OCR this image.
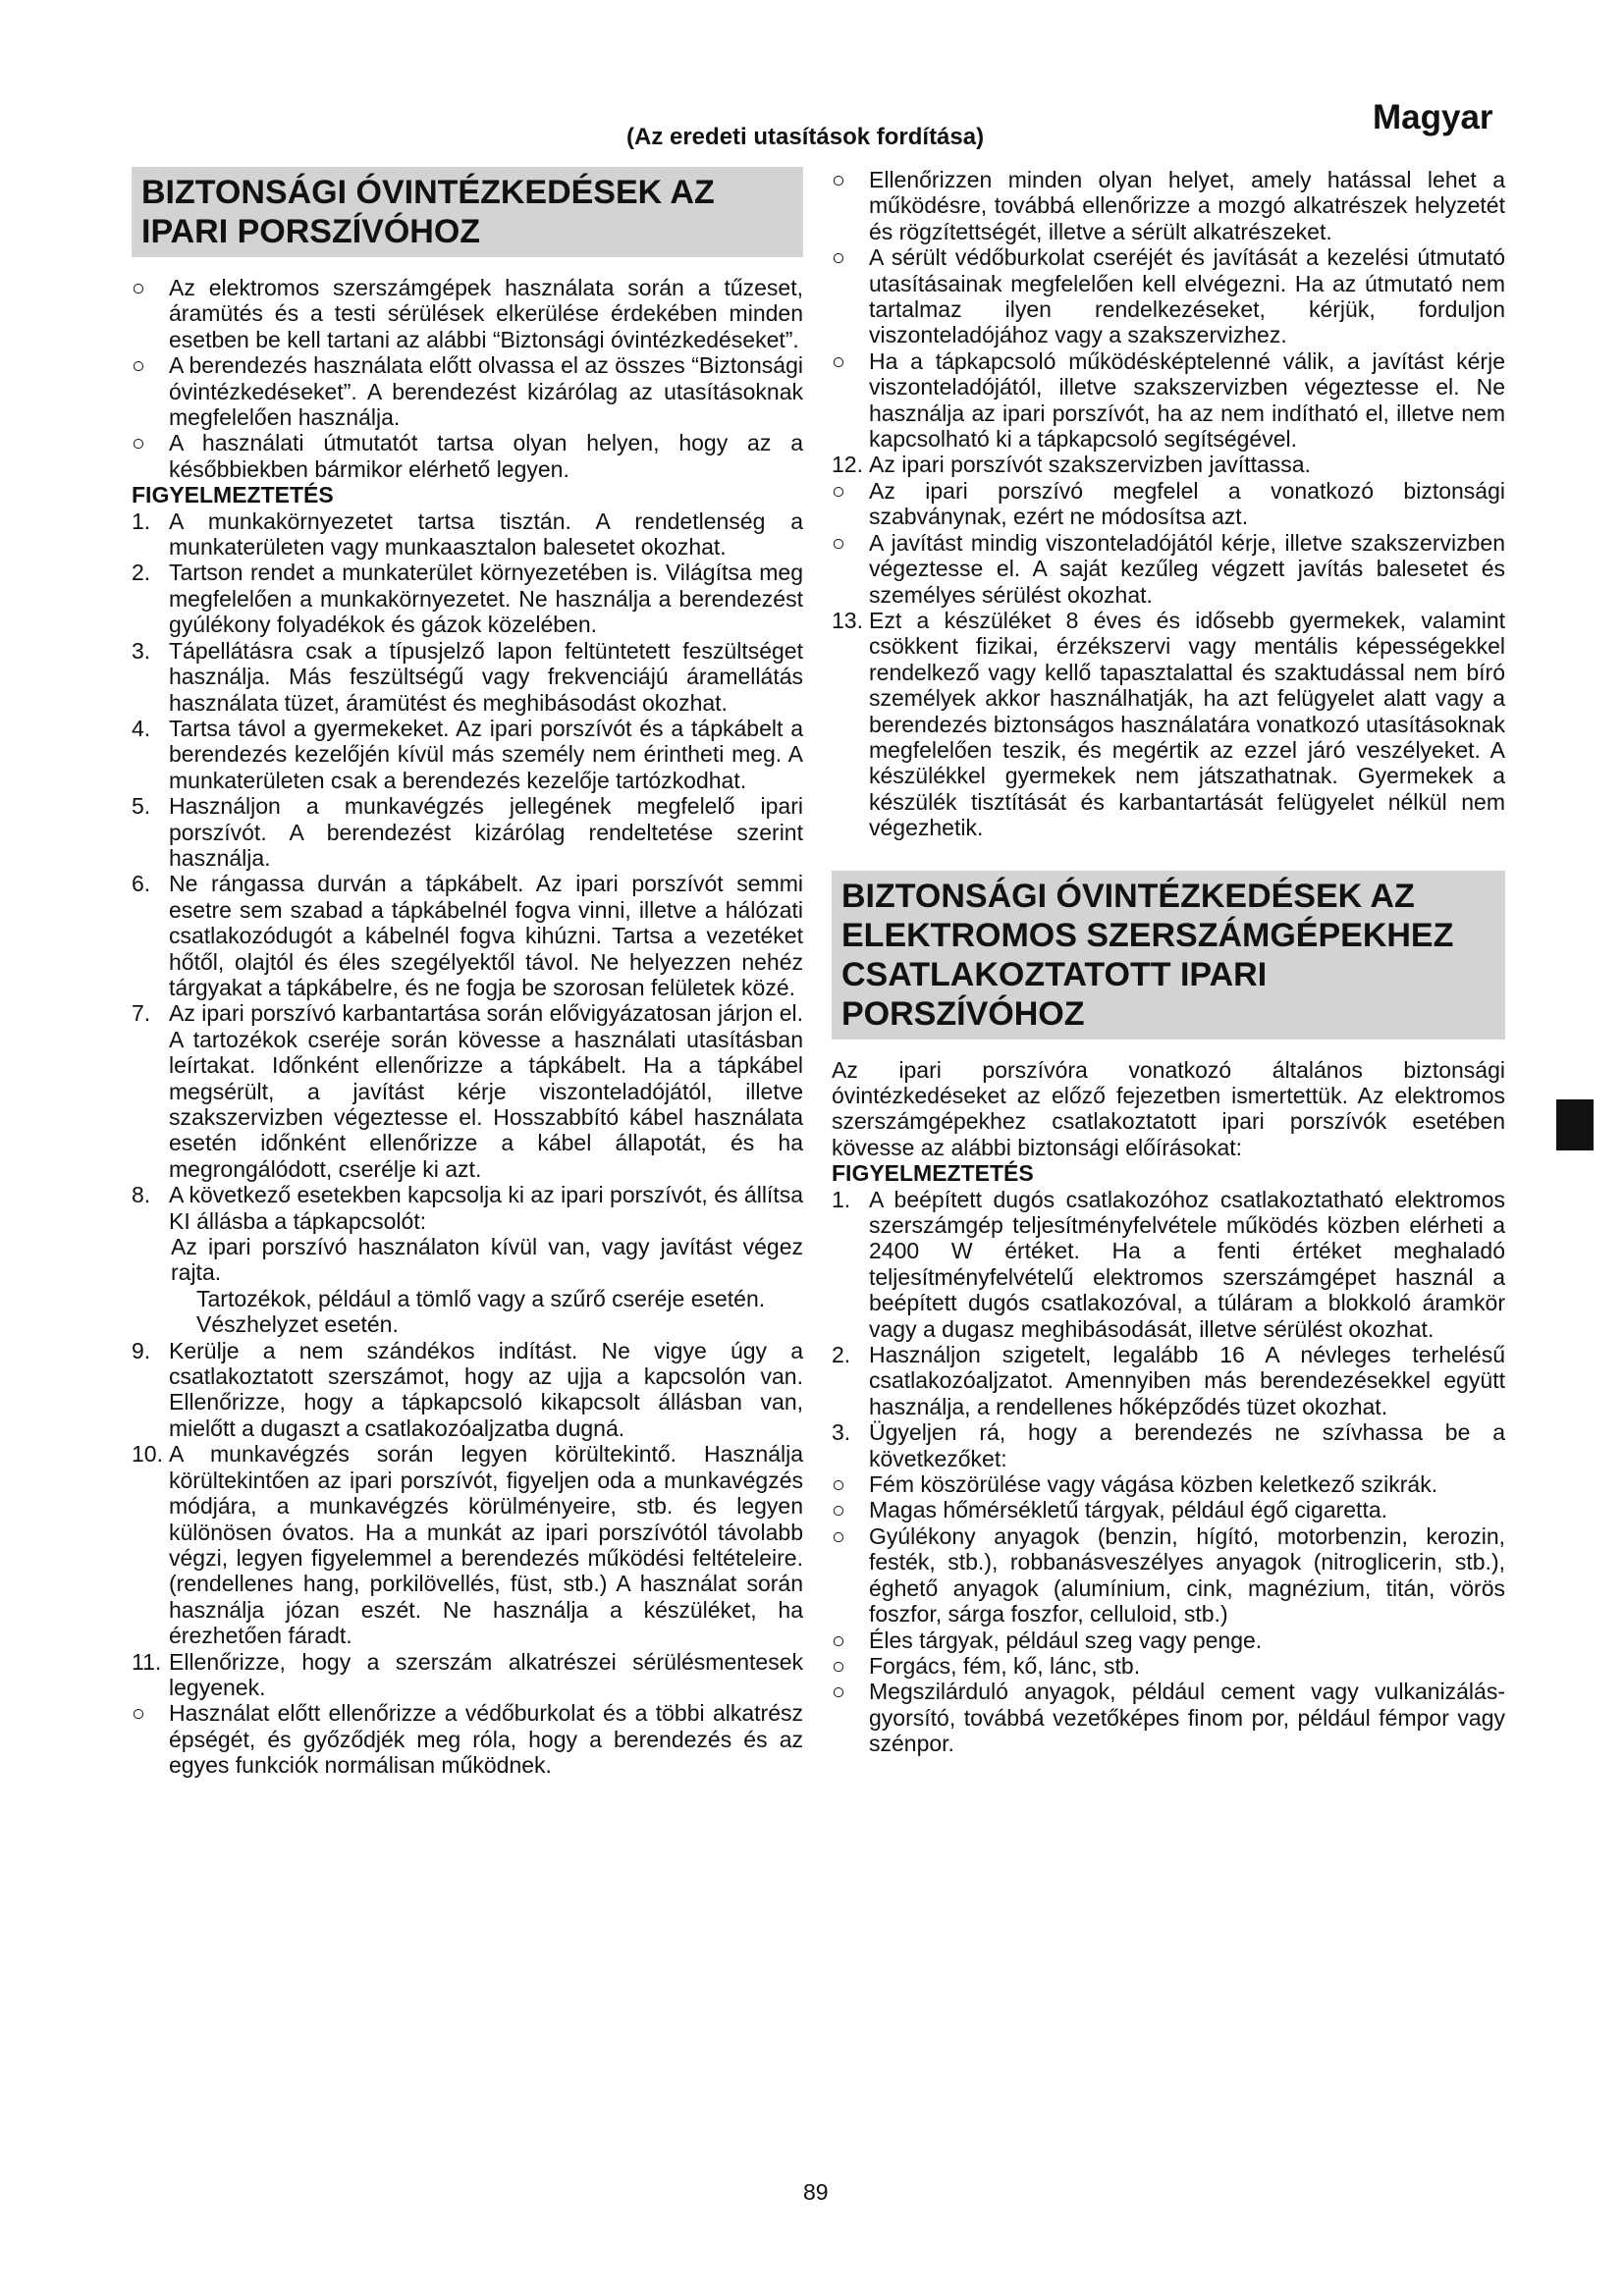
Magyar
(Az eredeti utasítások fordítása)
BIZTONSÁGI ÓVINTÉZKEDÉSEK AZ IPARI PORSZÍVÓHOZ
○	Az elektromos szerszámgépek használata során a tűzeset, áramütés és a testi sérülések elkerülése érdekében minden esetben be kell tartani az alábbi “Biztonsági óvintézkedéseket”.
○	A berendezés használata előtt olvassa el az összes “Biztonsági óvintézkedéseket”. A berendezést kizárólag az utasításoknak megfelelően használja.
○	A használati útmutatót tartsa olyan helyen, hogy az a későbbiekben bármikor elérhető legyen.
FIGYELMEZTETÉS
1. A munkakörnyezetet tartsa tisztán. A rendetlenség a munkaterületen vagy munkaasztalon balesetet okozhat.
2. Tartson rendet a munkaterület környezetében is. Világítsa meg megfelelően a munkakörnyezetet. Ne használja a berendezést gyúlékony folyadékok és gázok közelében.
3. Tápellátásra csak a típusjelző lapon feltüntetett feszültséget használja. Más feszültségű vagy frekvenciájú áramellátás használata tüzet, áramütést és meghibásodást okozhat.
4. Tartsa távol a gyermekeket. Az ipari porszívót és a tápkábelt a berendezés kezelőjén kívül más személy nem érintheti meg. A munkaterületen csak a berendezés kezelője tartózkodhat.
5. Használjon a munkavégzés jellegének megfelelő ipari porszívót. A berendezést kizárólag rendeltetése szerint használja.
6. Ne rángassa durván a tápkábelt. Az ipari porszívót semmi esetre sem szabad a tápkábelnél fogva vinni, illetve a hálózati csatlakozódugót a kábelnél fogva kihúzni. Tartsa a vezetéket hőtől, olajtól és éles szegélyektől távol. Ne helyezzen nehéz tárgyakat a tápkábelre, és ne fogja be szorosan felületek közé.
7. Az ipari porszívó karbantartása során elővigyázatosan járjon el. A tartozékok cseréje során kövesse a használati utasításban leírtakat. Időnként ellenőrizze a tápkábelt. Ha a tápkábel megsérült, a javítást kérje viszonteladójától, illetve szakszervizben végeztesse el. Hosszabbító kábel használata esetén időnként ellenőrizze a kábel állapotát, és ha megrongálódott, cserélje ki azt.
8. A következő esetekben kapcsolja ki az ipari porszívót, és állítsa KI állásba a tápkapcsolót:
Az ipari porszívó használaton kívül van, vagy javítást végez rajta.
Tartozékok, például a tömlő vagy a szűrő cseréje esetén.
Vészhelyzet esetén.
9. Kerülje a nem szándékos indítást. Ne vigye úgy a csatlakoztatott szerszámot, hogy az ujja a kapcsolón van. Ellenőrizze, hogy a tápkapcsoló kikapcsolt állásban van, mielőtt a dugaszt a csatlakozóaljzatba dugná.
10. A munkavégzés során legyen körültekintő. Használja körültekintően az ipari porszívót, figyeljen oda a munkavégzés módjára, a munkavégzés körülményeire, stb. és legyen különösen óvatos. Ha a munkát az ipari porszívótól távolabb végzi, legyen figyelemmel a berendezés működési feltételeire. (rendellenes hang, porkilövellés, füst, stb.) A használat során használja józan eszét. Ne használja a készüléket, ha érezhetően fáradt.
11. Ellenőrizze, hogy a szerszám alkatrészei sérülésmentesek legyenek.
○	Használat előtt ellenőrizze a védőburkolat és a többi alkatrész épségét, és győződjék meg róla, hogy a berendezés és az egyes funkciók normálisan működnek.
○	Ellenőrizzen minden olyan helyet, amely hatással lehet a működésre, továbbá ellenőrizze a mozgó alkatrészek helyzetét és rögzítettségét, illetve a sérült alkatrészeket.
○	A sérült védőburkolat cseréjét és javítását a kezelési útmutató utasításainak megfelelően kell elvégezni. Ha az útmutató nem tartalmaz ilyen rendelkezéseket, kérjük, forduljon viszonteladójához vagy a szakszervizhez.
○	Ha a tápkapcsoló működésképtelenné válik, a javítást kérje viszonteladójától, illetve szakszervizben végeztesse el. Ne használja az ipari porszívót, ha az nem indítható el, illetve nem kapcsolható ki a tápkapcsoló segítségével.
12. Az ipari porszívót szakszervizben javíttassa.
○	Az ipari porszívó megfelel a vonatkozó biztonsági szabványnak, ezért ne módosítsa azt.
○	A javítást mindig viszonteladójától kérje, illetve szakszervizben végeztesse el. A saját kezűleg végzett javítás balesetet és személyes sérülést okozhat.
13. Ezt a készüléket 8 éves és idősebb gyermekek, valamint csökkent fizikai, érzékszervi vagy mentális képességekkel rendelkező vagy kellő tapasztalattal és szaktudással nem bíró személyek akkor használhatják, ha azt felügyelet alatt vagy a berendezés biztonságos használatára vonatkozó utasításoknak megfelelően teszik, és megértik az ezzel járó veszélyeket. A készülékkel gyermekek nem játszathatnak. Gyermekek a készülék tisztítását és karbantartását felügyelet nélkül nem végezhetik.
BIZTONSÁGI ÓVINTÉZKEDÉSEK AZ ELEKTROMOS SZERSZÁMGÉPEKHEZ CSATLAKOZTATOTT IPARI PORSZÍVÓHOZ

Az ipari porszívóra vonatkozó általános biztonsági óvintézkedéseket az előző fejezetben ismertettük. Az elektromos szerszámgépekhez csatlakoztatott ipari porszívók esetében kövesse az alábbi biztonsági előírásokat:

FIGYELMEZTETÉS
1. A beépített dugós csatlakozóhoz csatlakoztatható elektromos szerszámgép teljesítményfelvétele működés közben elérheti a 2400 W értéket. Ha a fenti értéket meghaladó teljesítményfelvételű elektromos szerszámgépet használ a beépített dugós csatlakozóval, a túláram a blokkoló áramkör vagy a dugasz meghibásodását, illetve sérülést okozhat.
2. Használjon szigetelt, legalább 16 A névleges terhelésű csatlakozóaljzatot. Amennyiben más berendezésekkel együtt használja, a rendellenes hőképződés tüzet okozhat.
3. Ügyeljen rá, hogy a berendezés ne szívhassa be a következőket:
○	Fém köszörülése vagy vágása közben keletkező szikrák.
○	Magas hőmérsékletű tárgyak, például égő cigaretta.
○	Gyúlékony anyagok (benzin, hígító, motorbenzin, kerozin, festék, stb.), robbanásveszélyes anyagok (nitroglicerin, stb.), éghető anyagok (alumínium, cink, magnézium, titán, vörös foszfor, sárga foszfor, celluloid, stb.)
○	Éles tárgyak, például szeg vagy penge.
○	Forgács, fém, kő, lánc, stb.
○	Megszilárduló anyagok, például cement vagy vulkanizálás-gyorsító, továbbá vezetőképes finom por, például fémpor vagy szénpor.
89
